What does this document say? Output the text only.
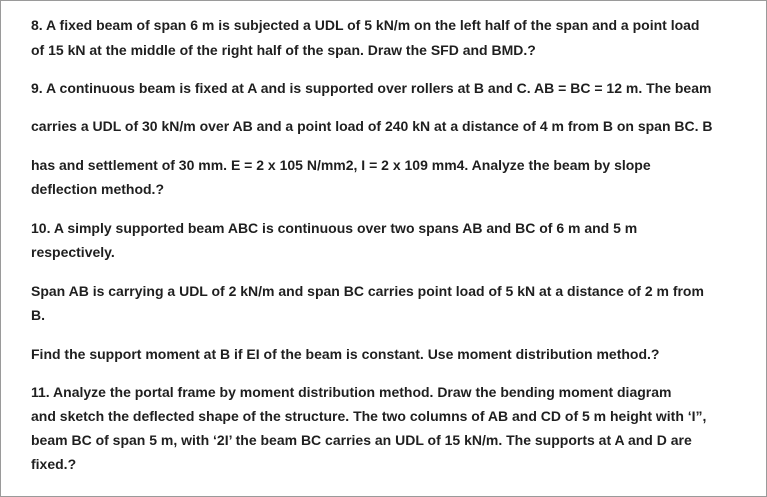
8. A fixed beam of span 6 m is subjected a UDL of 5 kN/m on the left half of the span and a point load

of 15 kN at the middle of the right half of the span. Draw the SFD and BMD.?

9. A continuous beam is fixed at A and is supported over rollers at B and C. AB = BC = 12 m. The beam

carries a UDL of 30 kN/m over AB and a point load of 240 kN at a distance of 4 m from B on span BC. B

has and settlement of 30 mm. E = 2 x 105 N/mm2, I = 2 x 109 mm4. Analyze the beam by slope

deflection method.?

10. A simply supported beam ABC is continuous over two spans AB and BC of 6 m and 5 m

respectively.

Span AB is carrying a UDL of 2 kN/m and span BC carries point load of 5 kN at a distance of 2 m from

B.

Find the support moment at B if EI of the beam is constant. Use moment distribution method.?

11. Analyze the portal frame by moment distribution method. Draw the bending moment diagram

and sketch the deflected shape of the structure. The two columns of AB and CD of 5 m height with ‘I”,

beam BC of span 5 m, with ‘2I’ the beam BC carries an UDL of 15 kN/m. The supports at A and D are

fixed.?
